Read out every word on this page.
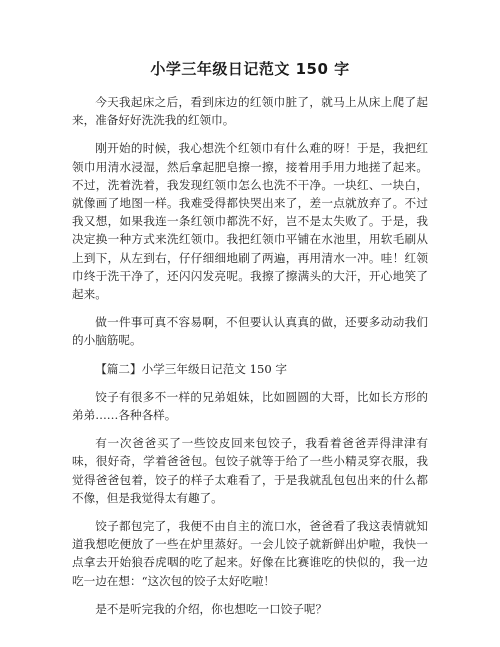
小学三年级日记范文 150 字

今天我起床之后，看到床边的红领巾脏了，就马上从床上爬了起来，准备好好洗洗我的红领巾。

刚开始的时候，我心想洗个红领巾有什么难的呀！于是，我把红领巾用清水浸湿，然后拿起肥皂擦一擦，接着用手用力地搓了起来。不过，洗着洗着，我发现红领巾怎么也洗不干净。一块红、一块白，就像画了地图一样。我难受得都快哭出来了，差一点就放弃了。不过我又想，如果我连一条红领巾都洗不好，岂不是太失败了。于是，我决定换一种方式来洗红领巾。我把红领巾平铺在水池里，用软毛刷从上到下，从左到右，仔仔细细地刷了两遍，再用清水一冲。哇！红领巾终于洗干净了，还闪闪发亮呢。我擦了擦满头的大汗，开心地笑了起来。

做一件事可真不容易啊，不但要认认真真的做，还要多动动我们的小脑筋呢。

【篇二】小学三年级日记范文 150 字

饺子有很多不一样的兄弟姐妹，比如圆圆的大哥，比如长方形的弟弟……各种各样。

有一次爸爸买了一些饺皮回来包饺子，我看着爸爸弄得津津有味，很好奇，学着爸爸包。包饺子就等于给了一些小精灵穿衣服，我觉得爸爸包着，饺子的样子太难看了，于是我就乱包包出来的什么都不像，但是我觉得太有趣了。

饺子都包完了，我便不由自主的流口水，爸爸看了我这表情就知道我想吃便放了一些在炉里蒸好。一会儿饺子就新鲜出炉啦，我快一点拿去开始狼吞虎咽的吃了起来。好像在比赛谁吃的快似的，我一边吃一边在想：“这次包的饺子太好吃啦！

是不是听完我的介绍，你也想吃一口饺子呢？
